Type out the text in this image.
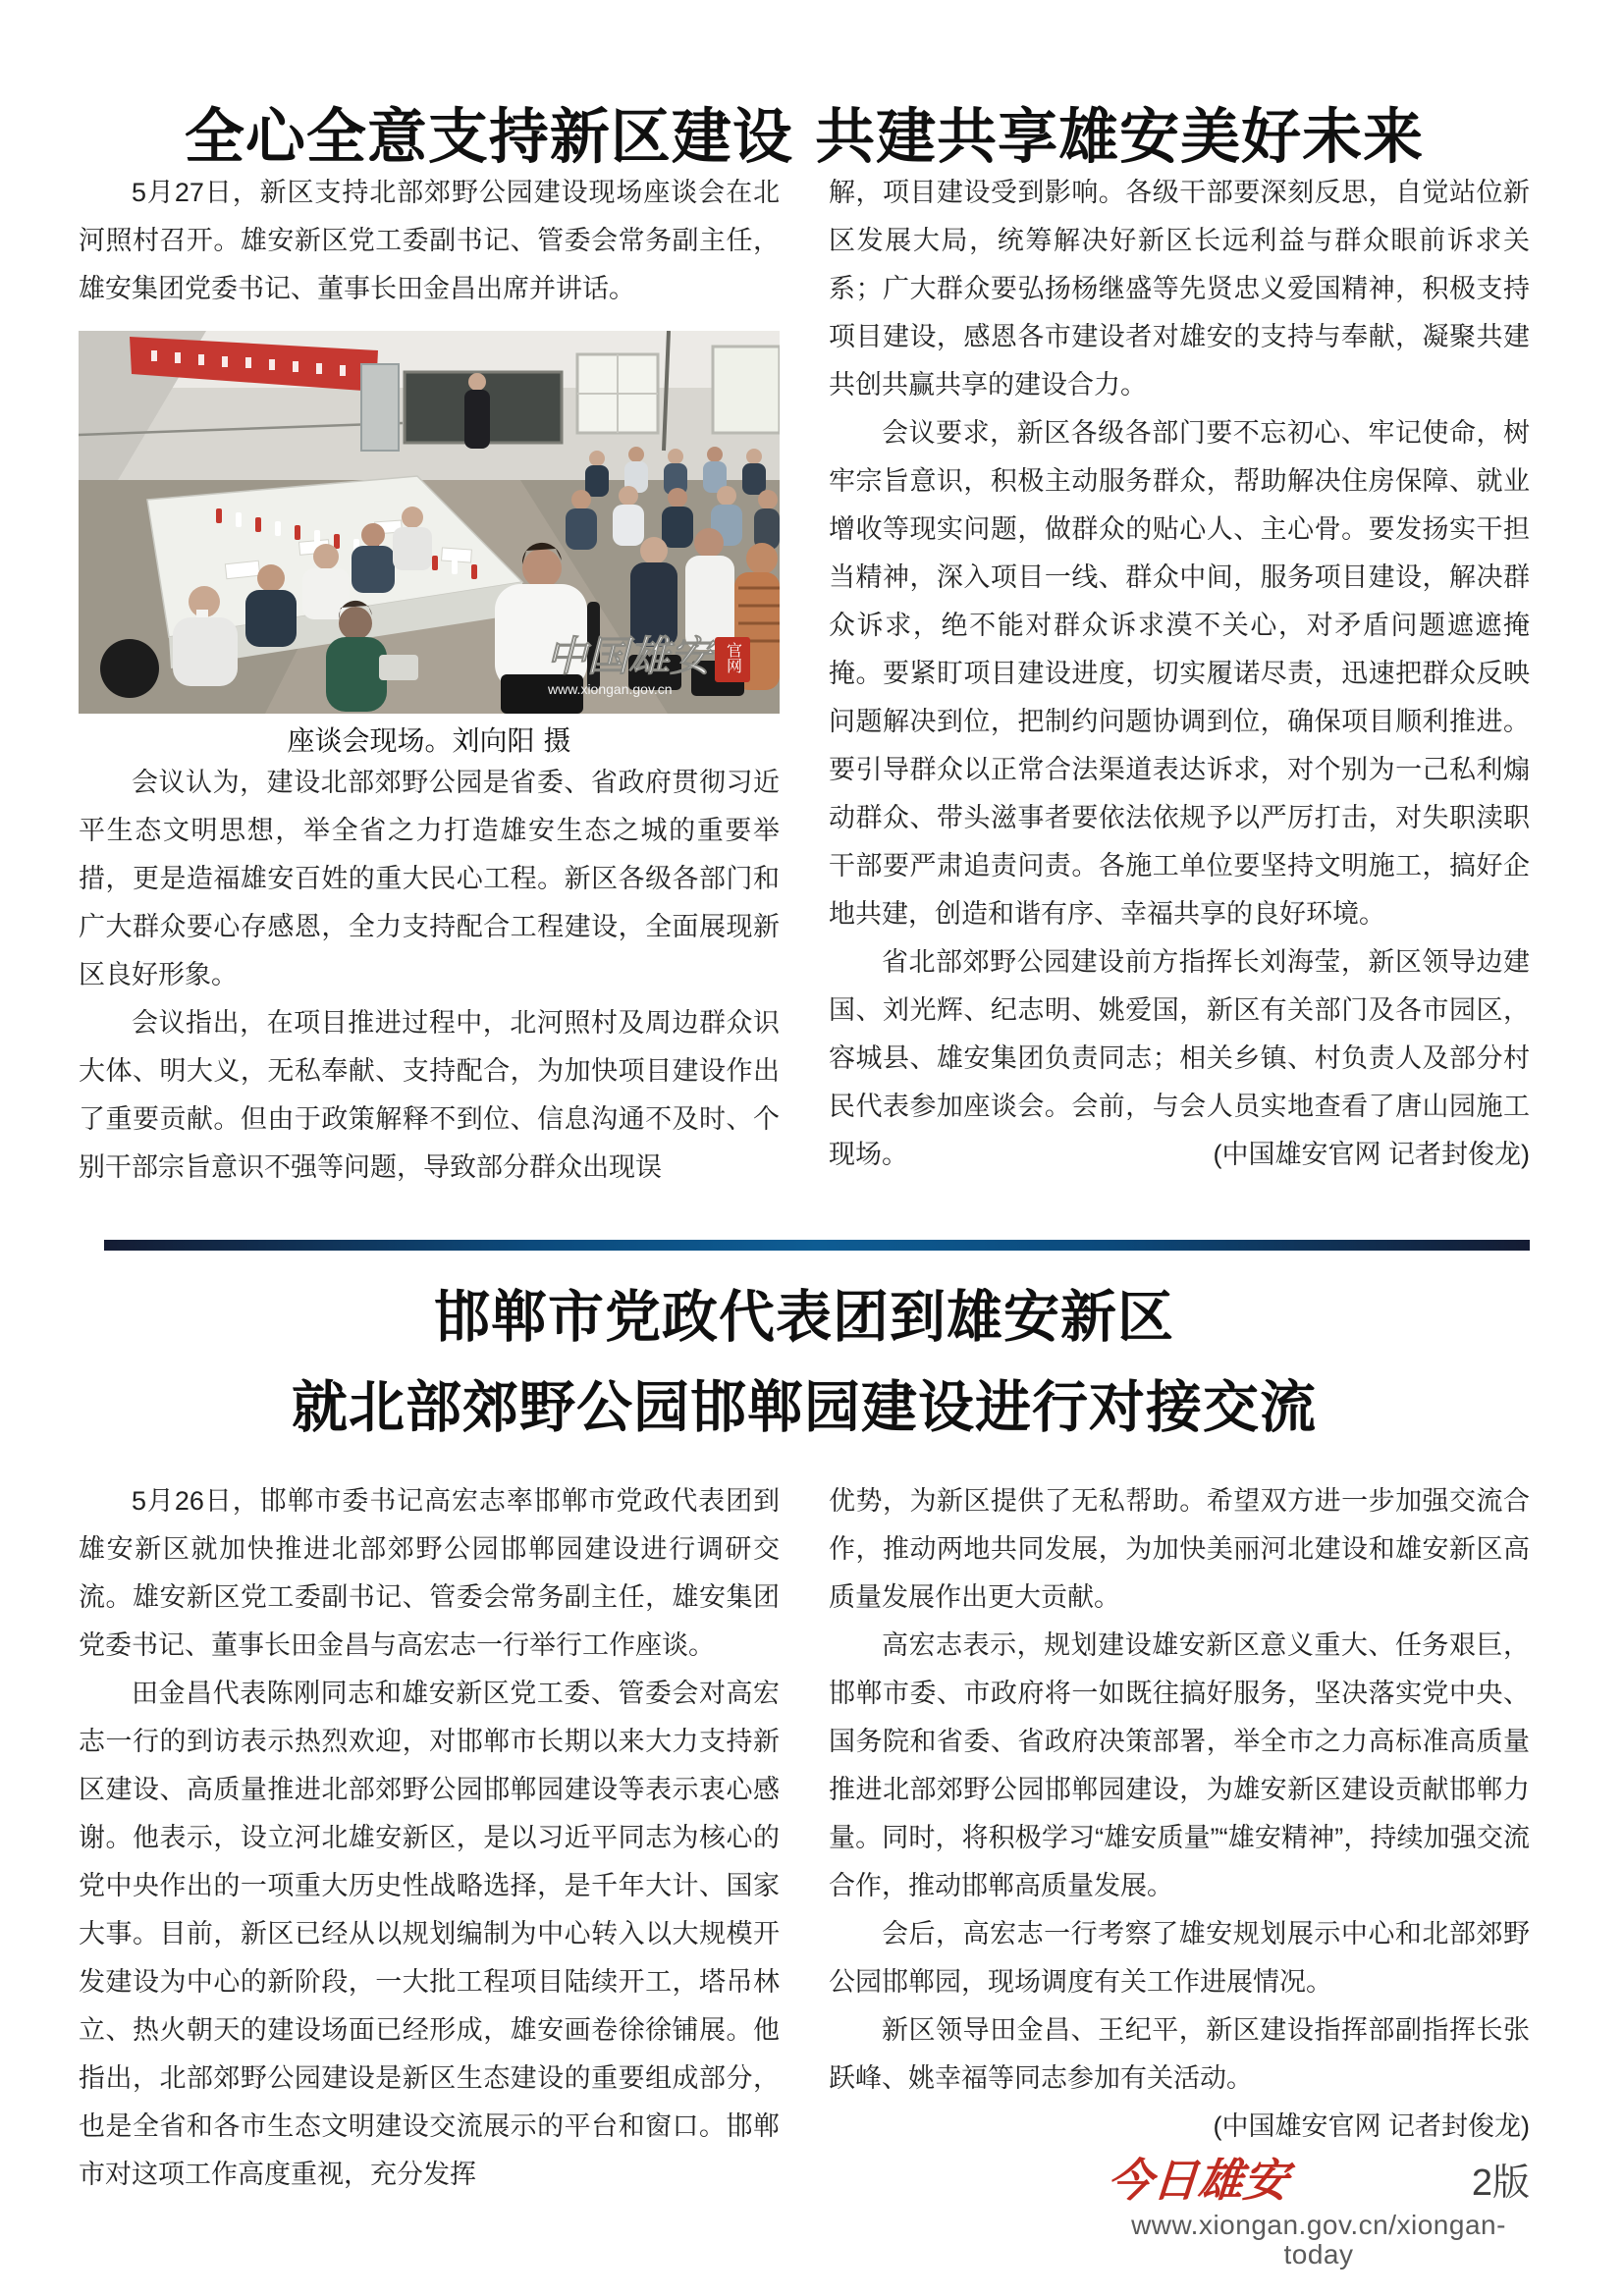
全心全意支持新区建设 共建共享雄安美好未来

5月27日，新区支持北部郊野公园建设现场座谈会在北河照村召开。雄安新区党工委副书记、管委会常务副主任，雄安集团党委书记、董事长田金昌出席并讲话。

中国雄安 官网
www.xiongan.gov.cn
座谈会现场。刘向阳 摄

会议认为，建设北部郊野公园是省委、省政府贯彻习近平生态文明思想，举全省之力打造雄安生态之城的重要举措，更是造福雄安百姓的重大民心工程。新区各级各部门和广大群众要心存感恩，全力支持配合工程建设，全面展现新区良好形象。

会议指出，在项目推进过程中，北河照村及周边群众识大体、明大义，无私奉献、支持配合，为加快项目建设作出了重要贡献。但由于政策解释不到位、信息沟通不及时、个别干部宗旨意识不强等问题，导致部分群众出现误

解，项目建设受到影响。各级干部要深刻反思，自觉站位新区发展大局，统筹解决好新区长远利益与群众眼前诉求关系；广大群众要弘扬杨继盛等先贤忠义爱国精神，积极支持项目建设，感恩各市建设者对雄安的支持与奉献，凝聚共建共创共赢共享的建设合力。

会议要求，新区各级各部门要不忘初心、牢记使命，树牢宗旨意识，积极主动服务群众，帮助解决住房保障、就业增收等现实问题，做群众的贴心人、主心骨。要发扬实干担当精神，深入项目一线、群众中间，服务项目建设，解决群众诉求，绝不能对群众诉求漠不关心，对矛盾问题遮遮掩掩。要紧盯项目建设进度，切实履诺尽责，迅速把群众反映问题解决到位，把制约问题协调到位，确保项目顺利推进。要引导群众以正常合法渠道表达诉求，对个别为一己私利煽动群众、带头滋事者要依法依规予以严厉打击，对失职渎职干部要严肃追责问责。各施工单位要坚持文明施工，搞好企地共建，创造和谐有序、幸福共享的良好环境。

省北部郊野公园建设前方指挥长刘海莹，新区领导边建国、刘光辉、纪志明、姚爱国，新区有关部门及各市园区，容城县、雄安集团负责同志；相关乡镇、村负责人及部分村民代表参加座谈会。会前，与会人员实地查看了唐山园施工现场。	(中国雄安官网 记者封俊龙)

邯郸市党政代表团到雄安新区
就北部郊野公园邯郸园建设进行对接交流

5月26日，邯郸市委书记高宏志率邯郸市党政代表团到雄安新区就加快推进北部郊野公园邯郸园建设进行调研交流。雄安新区党工委副书记、管委会常务副主任，雄安集团党委书记、董事长田金昌与高宏志一行举行工作座谈。

田金昌代表陈刚同志和雄安新区党工委、管委会对高宏志一行的到访表示热烈欢迎，对邯郸市长期以来大力支持新区建设、高质量推进北部郊野公园邯郸园建设等表示衷心感谢。他表示，设立河北雄安新区，是以习近平同志为核心的党中央作出的一项重大历史性战略选择，是千年大计、国家大事。目前，新区已经从以规划编制为中心转入以大规模开发建设为中心的新阶段，一大批工程项目陆续开工，塔吊林立、热火朝天的建设场面已经形成，雄安画卷徐徐铺展。他指出，北部郊野公园建设是新区生态建设的重要组成部分，也是全省和各市生态文明建设交流展示的平台和窗口。邯郸市对这项工作高度重视，充分发挥

优势，为新区提供了无私帮助。希望双方进一步加强交流合作，推动两地共同发展，为加快美丽河北建设和雄安新区高质量发展作出更大贡献。

高宏志表示，规划建设雄安新区意义重大、任务艰巨，邯郸市委、市政府将一如既往搞好服务，坚决落实党中央、国务院和省委、省政府决策部署，举全市之力高标准高质量推进北部郊野公园邯郸园建设，为雄安新区建设贡献邯郸力量。同时，将积极学习“雄安质量”“雄安精神”，持续加强交流合作，推动邯郸高质量发展。

会后，高宏志一行考察了雄安规划展示中心和北部郊野公园邯郸园，现场调度有关工作进展情况。

新区领导田金昌、王纪平，新区建设指挥部副指挥长张跃峰、姚幸福等同志参加有关活动。

(中国雄安官网 记者封俊龙)

今日雄安	2版
www.xiongan.gov.cn/xiongan-today
